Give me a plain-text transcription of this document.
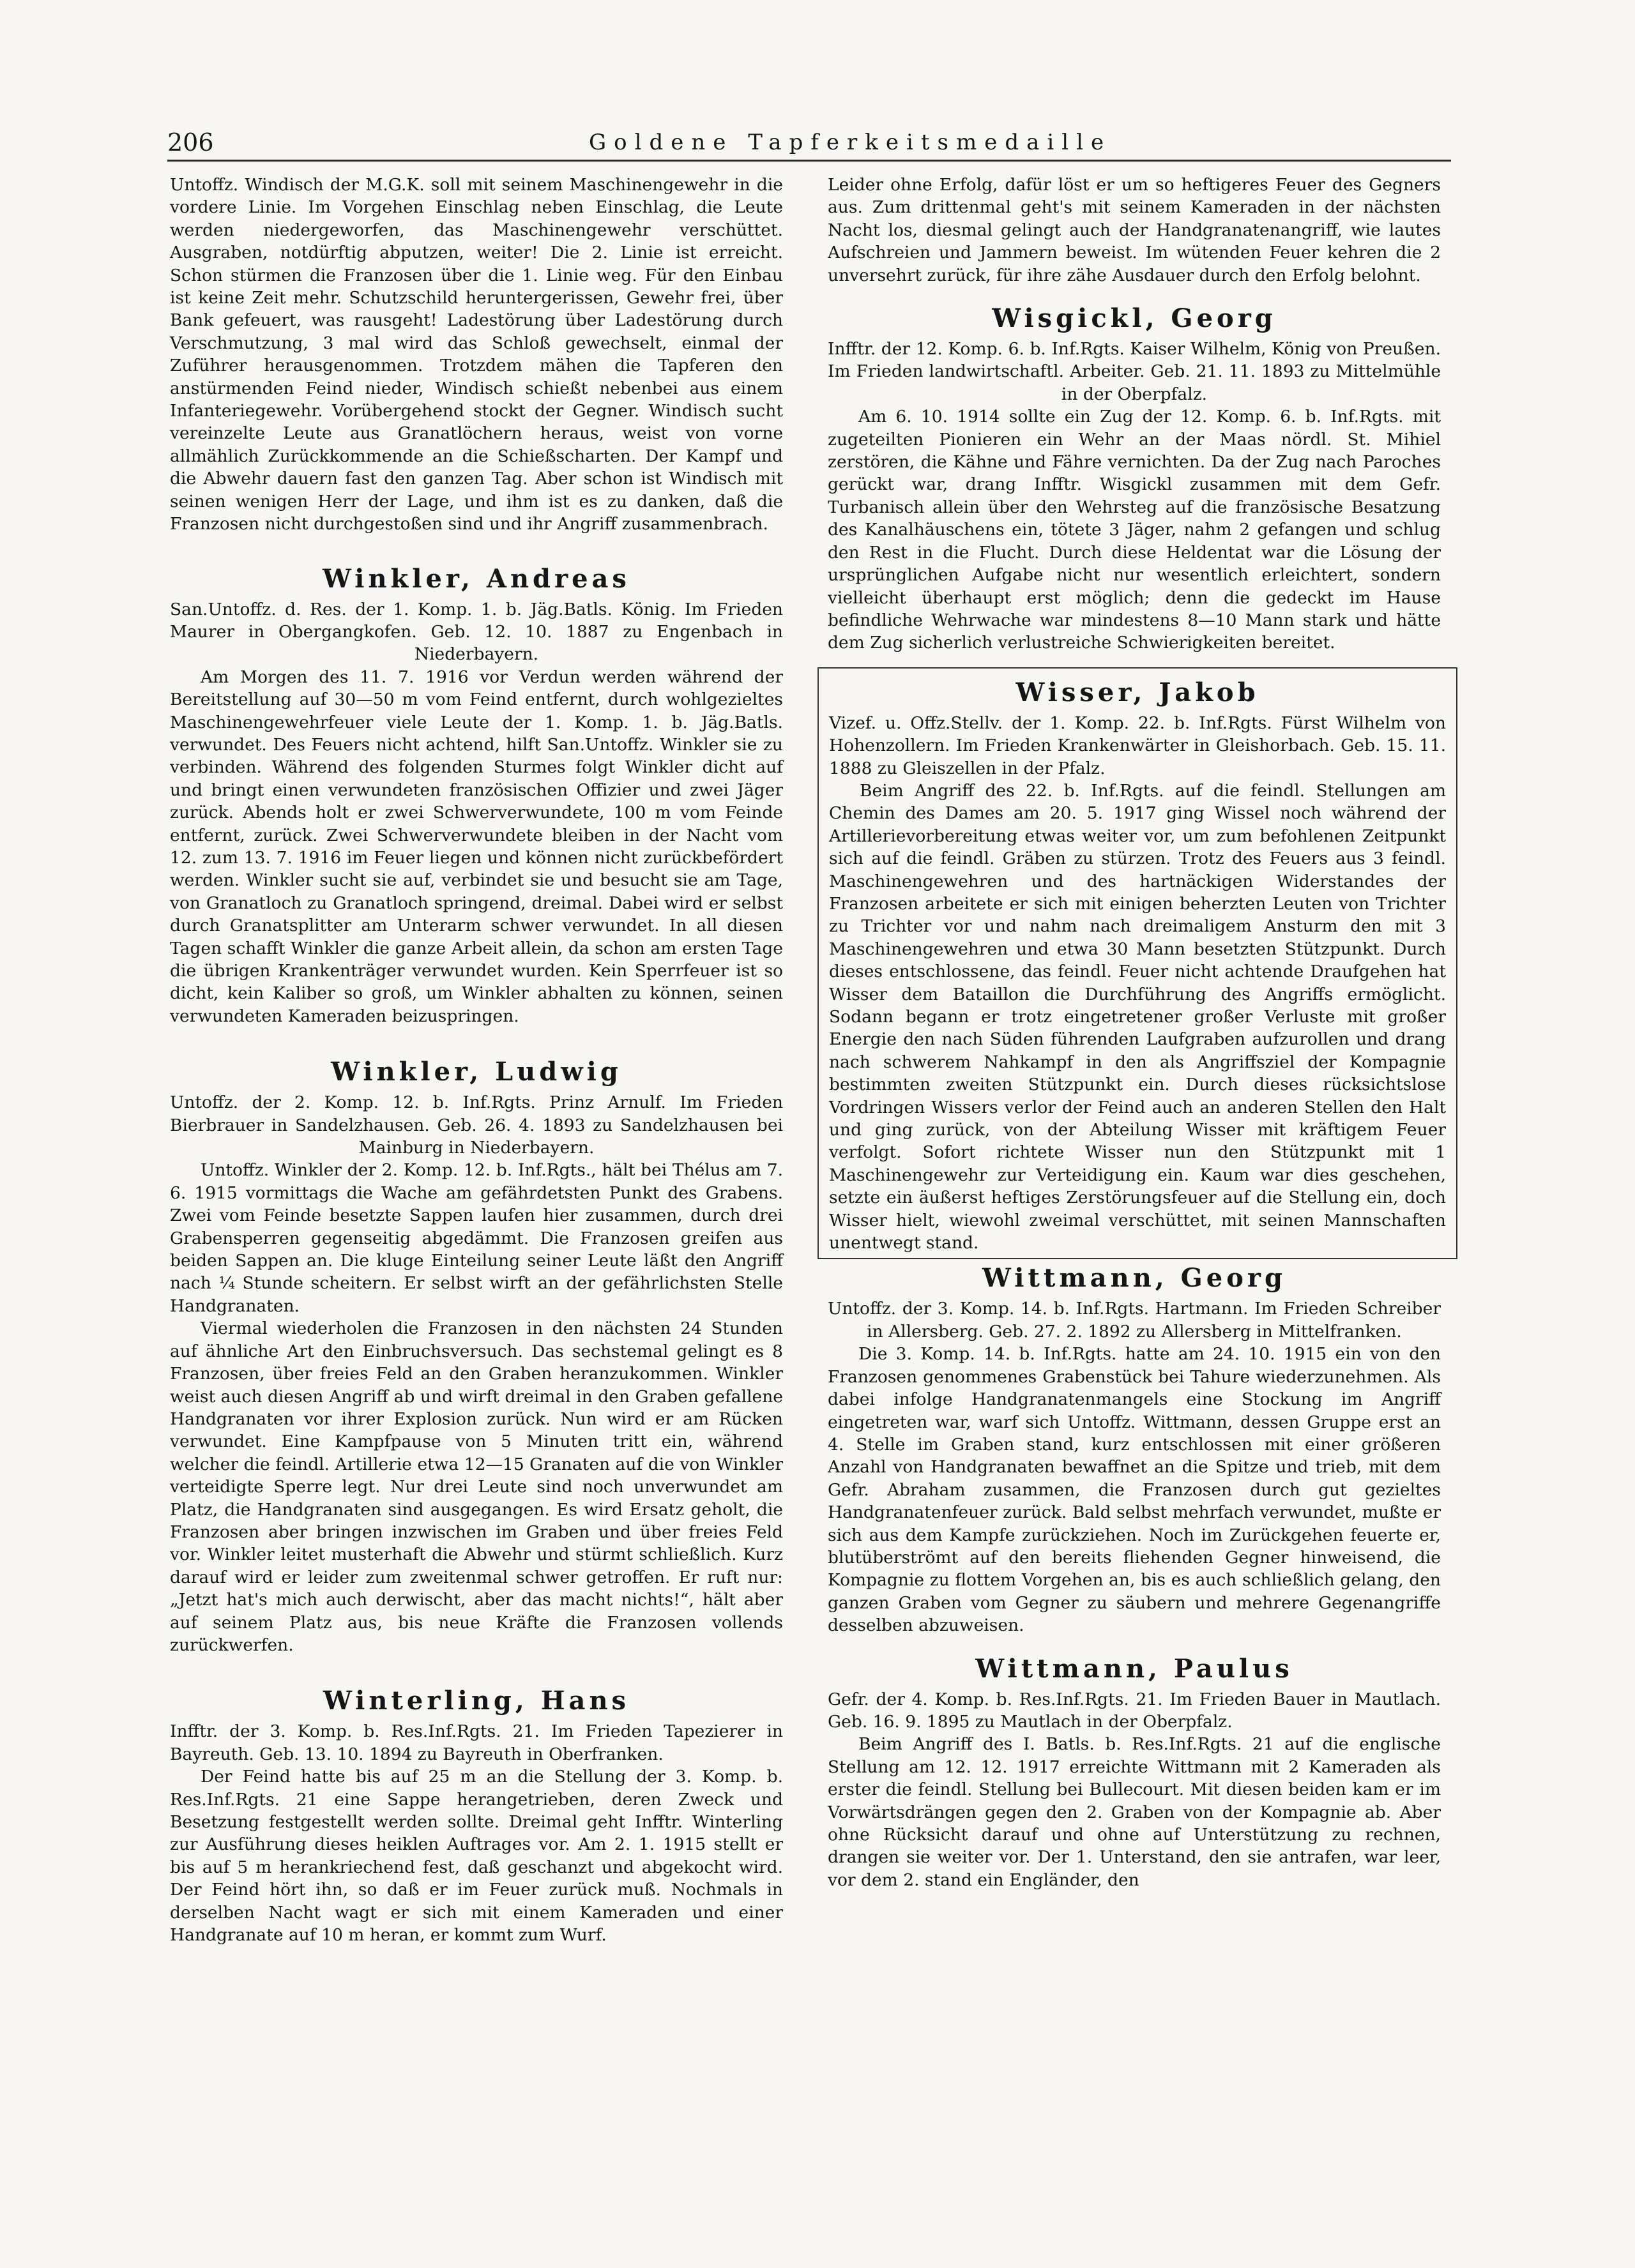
206	Goldene Tapferkeitsmedaille

Untoffz. Windisch der M.G.K. soll mit seinem Maschinengewehr in die vordere Linie. Im Vorgehen Einschlag neben Einschlag, die Leute werden niedergeworfen, das Maschinengewehr verschüttet. Ausgraben, notdürftig abputzen, weiter! Die 2. Linie ist erreicht. Schon stürmen die Franzosen über die 1. Linie weg. Für den Einbau ist keine Zeit mehr. Schutzschild heruntergerissen, Gewehr frei, über Bank gefeuert, was rausgeht! Ladestörung über Ladestörung durch Verschmutzung, 3 mal wird das Schloß gewechselt, einmal der Zuführer herausgenommen. Trotzdem mähen die Tapferen den anstürmenden Feind nieder, Windisch schießt nebenbei aus einem Infanteriegewehr. Vorübergehend stockt der Gegner. Windisch sucht vereinzelte Leute aus Granatlöchern heraus, weist von vorne allmählich Zurückkommende an die Schießscharten. Der Kampf und die Abwehr dauern fast den ganzen Tag. Aber schon ist Windisch mit seinen wenigen Herr der Lage, und ihm ist es zu danken, daß die Franzosen nicht durchgestoßen sind und ihr Angriff zusammenbrach.

Winkler, Andreas

San.Untoffz. d. Res. der 1. Komp. 1. b. Jäg.Batls. König. Im Frieden Maurer in Obergangkofen. Geb. 12. 10. 1887 zu Engenbach in Niederbayern.

Am Morgen des 11. 7. 1916 vor Verdun werden während der Bereitstellung auf 30—50 m vom Feind entfernt, durch wohlgezieltes Maschinengewehrfeuer viele Leute der 1. Komp. 1. b. Jäg.Batls. verwundet. Des Feuers nicht achtend, hilft San.Untoffz. Winkler sie zu verbinden. Während des folgenden Sturmes folgt Winkler dicht auf und bringt einen verwundeten französischen Offizier und zwei Jäger zurück. Abends holt er zwei Schwerverwundete, 100 m vom Feinde entfernt, zurück. Zwei Schwerverwundete bleiben in der Nacht vom 12. zum 13. 7. 1916 im Feuer liegen und können nicht zurückbefördert werden. Winkler sucht sie auf, verbindet sie und besucht sie am Tage, von Granatloch zu Granatloch springend, dreimal. Dabei wird er selbst durch Granatsplitter am Unterarm schwer verwundet. In all diesen Tagen schafft Winkler die ganze Arbeit allein, da schon am ersten Tage die übrigen Krankenträger verwundet wurden. Kein Sperrfeuer ist so dicht, kein Kaliber so groß, um Winkler abhalten zu können, seinen verwundeten Kameraden beizuspringen.

Winkler, Ludwig

Untoffz. der 2. Komp. 12. b. Inf.Rgts. Prinz Arnulf. Im Frieden Bierbrauer in Sandelzhausen. Geb. 26. 4. 1893 zu Sandelzhausen bei Mainburg in Niederbayern.

Untoffz. Winkler der 2. Komp. 12. b. Inf.Rgts., hält bei Thélus am 7. 6. 1915 vormittags die Wache am gefährdetsten Punkt des Grabens. Zwei vom Feinde besetzte Sappen laufen hier zusammen, durch drei Grabensperren gegenseitig abgedämmt. Die Franzosen greifen aus beiden Sappen an. Die kluge Einteilung seiner Leute läßt den Angriff nach ¼ Stunde scheitern. Er selbst wirft an der gefährlichsten Stelle Handgranaten.

Viermal wiederholen die Franzosen in den nächsten 24 Stunden auf ähnliche Art den Einbruchsversuch. Das sechstemal gelingt es 8 Franzosen, über freies Feld an den Graben heranzukommen. Winkler weist auch diesen Angriff ab und wirft dreimal in den Graben gefallene Handgranaten vor ihrer Explosion zurück. Nun wird er am Rücken verwundet. Eine Kampfpause von 5 Minuten tritt ein, während welcher die feindl. Artillerie etwa 12—15 Granaten auf die von Winkler verteidigte Sperre legt. Nur drei Leute sind noch unverwundet am Platz, die Handgranaten sind ausgegangen. Es wird Ersatz geholt, die Franzosen aber bringen inzwischen im Graben und über freies Feld vor. Winkler leitet musterhaft die Abwehr und stürmt schließlich. Kurz darauf wird er leider zum zweitenmal schwer getroffen. Er ruft nur: „Jetzt hat's mich auch derwischt, aber das macht nichts!“, hält aber auf seinem Platz aus, bis neue Kräfte die Franzosen vollends zurückwerfen.

Winterling, Hans

Infftr. der 3. Komp. b. Res.Inf.Rgts. 21. Im Frieden Tapezierer in Bayreuth. Geb. 13. 10. 1894 zu Bayreuth in Oberfranken.

Der Feind hatte bis auf 25 m an die Stellung der 3. Komp. b. Res.Inf.Rgts. 21 eine Sappe herangetrieben, deren Zweck und Besetzung festgestellt werden sollte. Dreimal geht Infftr. Winterling zur Ausführung dieses heiklen Auftrages vor. Am 2. 1. 1915 stellt er bis auf 5 m herankriechend fest, daß geschanzt und abgekocht wird. Der Feind hört ihn, so daß er im Feuer zurück muß. Nochmals in derselben Nacht wagt er sich mit einem Kameraden und einer Handgranate auf 10 m heran, er kommt zum Wurf.

Leider ohne Erfolg, dafür löst er um so heftigeres Feuer des Gegners aus. Zum drittenmal geht's mit seinem Kameraden in der nächsten Nacht los, diesmal gelingt auch der Handgranatenangriff, wie lautes Aufschreien und Jammern beweist. Im wütenden Feuer kehren die 2 unversehrt zurück, für ihre zähe Ausdauer durch den Erfolg belohnt.

Wisgickl, Georg

Infftr. der 12. Komp. 6. b. Inf.Rgts. Kaiser Wilhelm, König von Preußen. Im Frieden landwirtschaftl. Arbeiter. Geb. 21. 11. 1893 zu Mittelmühle in der Oberpfalz.

Am 6. 10. 1914 sollte ein Zug der 12. Komp. 6. b. Inf.Rgts. mit zugeteilten Pionieren ein Wehr an der Maas nördl. St. Mihiel zerstören, die Kähne und Fähre vernichten. Da der Zug nach Paroches gerückt war, drang Infftr. Wisgickl zusammen mit dem Gefr. Turbanisch allein über den Wehrsteg auf die französische Besatzung des Kanalhäuschens ein, tötete 3 Jäger, nahm 2 gefangen und schlug den Rest in die Flucht. Durch diese Heldentat war die Lösung der ursprünglichen Aufgabe nicht nur wesentlich erleichtert, sondern vielleicht überhaupt erst möglich; denn die gedeckt im Hause befindliche Wehrwache war mindestens 8—10 Mann stark und hätte dem Zug sicherlich verlustreiche Schwierigkeiten bereitet.

Wisser, Jakob

Vizef. u. Offz.Stellv. der 1. Komp. 22. b. Inf.Rgts. Fürst Wilhelm von Hohenzollern. Im Frieden Krankenwärter in Gleishorbach. Geb. 15. 11. 1888 zu Gleiszellen in der Pfalz.

Beim Angriff des 22. b. Inf.Rgts. auf die feindl. Stellungen am Chemin des Dames am 20. 5. 1917 ging Wissel noch während der Artillerievorbereitung etwas weiter vor, um zum befohlenen Zeitpunkt sich auf die feindl. Gräben zu stürzen. Trotz des Feuers aus 3 feindl. Maschinengewehren und des hartnäckigen Widerstandes der Franzosen arbeitete er sich mit einigen beherzten Leuten von Trichter zu Trichter vor und nahm nach dreimaligem Ansturm den mit 3 Maschinengewehren und etwa 30 Mann besetzten Stützpunkt. Durch dieses entschlossene, das feindl. Feuer nicht achtende Draufgehen hat Wisser dem Bataillon die Durchführung des Angriffs ermöglicht. Sodann begann er trotz eingetretener großer Verluste mit großer Energie den nach Süden führenden Laufgraben aufzurollen und drang nach schwerem Nahkampf in den als Angriffsziel der Kompagnie bestimmten zweiten Stützpunkt ein. Durch dieses rücksichtslose Vordringen Wissers verlor der Feind auch an anderen Stellen den Halt und ging zurück, von der Abteilung Wisser mit kräftigem Feuer verfolgt. Sofort richtete Wisser nun den Stützpunkt mit 1 Maschinengewehr zur Verteidigung ein. Kaum war dies geschehen, setzte ein äußerst heftiges Zerstörungsfeuer auf die Stellung ein, doch Wisser hielt, wiewohl zweimal verschüttet, mit seinen Mannschaften unentwegt stand.

Wittmann, Georg

Untoffz. der 3. Komp. 14. b. Inf.Rgts. Hartmann. Im Frieden Schreiber in Allersberg. Geb. 27. 2. 1892 zu Allersberg in Mittelfranken.

Die 3. Komp. 14. b. Inf.Rgts. hatte am 24. 10. 1915 ein von den Franzosen genommenes Grabenstück bei Tahure wiederzunehmen. Als dabei infolge Handgranatenmangels eine Stockung im Angriff eingetreten war, warf sich Untoffz. Wittmann, dessen Gruppe erst an 4. Stelle im Graben stand, kurz entschlossen mit einer größeren Anzahl von Handgranaten bewaffnet an die Spitze und trieb, mit dem Gefr. Abraham zusammen, die Franzosen durch gut gezieltes Handgranatenfeuer zurück. Bald selbst mehrfach verwundet, mußte er sich aus dem Kampfe zurückziehen. Noch im Zurückgehen feuerte er, blutüberströmt auf den bereits fliehenden Gegner hinweisend, die Kompagnie zu flottem Vorgehen an, bis es auch schließlich gelang, den ganzen Graben vom Gegner zu säubern und mehrere Gegenangriffe desselben abzuweisen.

Wittmann, Paulus

Gefr. der 4. Komp. b. Res.Inf.Rgts. 21. Im Frieden Bauer in Mautlach. Geb. 16. 9. 1895 zu Mautlach in der Oberpfalz.

Beim Angriff des I. Batls. b. Res.Inf.Rgts. 21 auf die englische Stellung am 12. 12. 1917 erreichte Wittmann mit 2 Kameraden als erster die feindl. Stellung bei Bullecourt. Mit diesen beiden kam er im Vorwärtsdrängen gegen den 2. Graben von der Kompagnie ab. Aber ohne Rücksicht darauf und ohne auf Unterstützung zu rechnen, drangen sie weiter vor. Der 1. Unterstand, den sie antrafen, war leer, vor dem 2. stand ein Engländer, den
